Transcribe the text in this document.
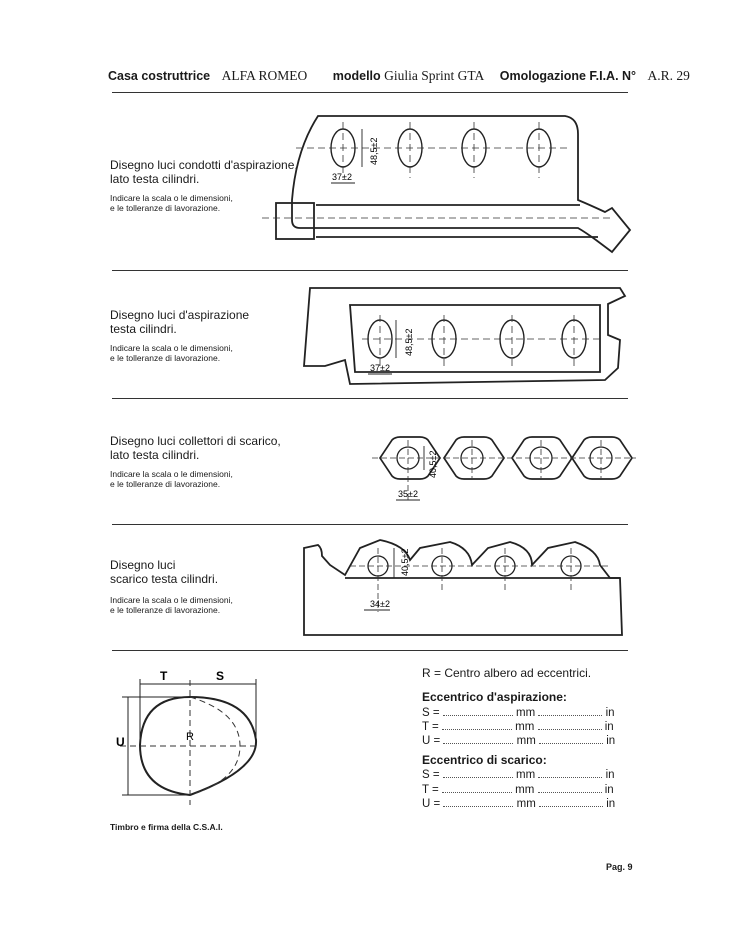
Casa costruttrice ALFA ROMEO modello Giulia Sprint GTA Omologazione F.I.A. N° A.R. 29
Disegno luci condotti d'aspirazione,
lato testa cilindri.
Indicare la scala o le dimensioni,
e le tolleranze di lavorazione.
48,5±2
37±2
Disegno luci d'aspirazione
testa cilindri.
Indicare la scala o le dimensioni,
e le tolleranze di lavorazione.
48,5±2
37±2
Disegno luci collettori di scarico,
lato testa cilindri.
Indicare la scala o le dimensioni,
e le tolleranze di lavorazione.
40,5±2
35±2
Disegno luci
scarico testa cilindri.
Indicare la scala o le dimensioni,
e le tolleranze di lavorazione.
40,5±2
34±2
T	S
U	R
R = Centro albero ad eccentrici.
Eccentrico d'aspirazione:
S =	mm	in
T =	mm	in
U =	mm	in
Eccentrico di scarico:
S =	mm	in
T =	mm	in
U =	mm	in
Timbro e firma della C.S.A.I.
Pag. 9
